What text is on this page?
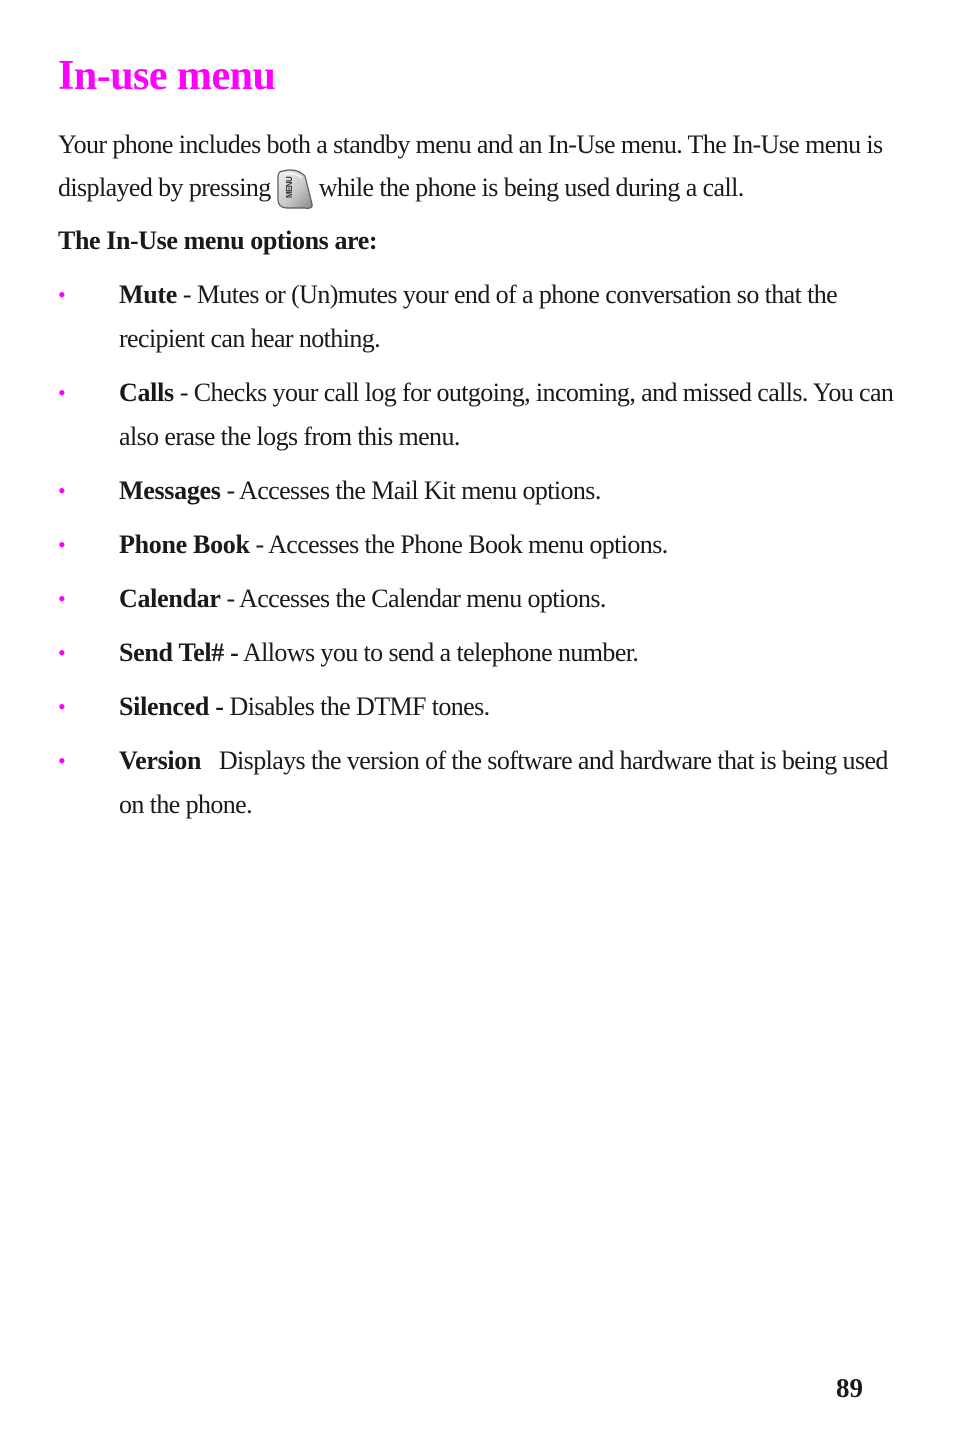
In-use menu

Your phone includes both a standby menu and an In-Use menu. The In-Use menu is displayed by pressing MENU while the phone is being used during a call.

The In-Use menu options are:

• Mute - Mutes or (Un)mutes your end of a phone conversation so that the recipient can hear nothing.
• Calls - Checks your call log for outgoing, incoming, and missed calls. You can also erase the logs from this menu.
• Messages - Accesses the Mail Kit menu options.
• Phone Book - Accesses the Phone Book menu options.
• Calendar - Accesses the Calendar menu options.
• Send Tel# - Allows you to send a telephone number.
• Silenced - Disables the DTMF tones.
• Version Displays the version of the software and hardware that is being used on the phone.

89
